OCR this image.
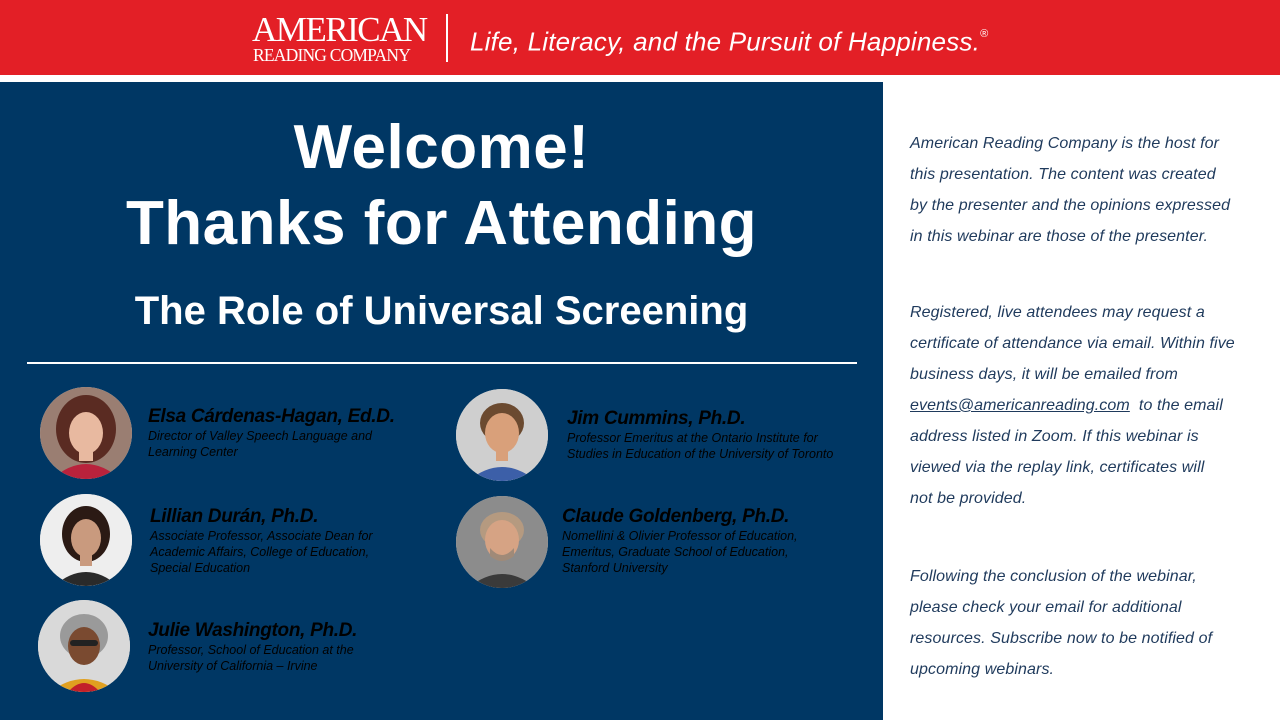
AMERICAN
READING COMPANY Life, Literacy, and the Pursuit of Happiness.®
Welcome!
Thanks for Attending
The Role of Universal Screening
Elsa Cárdenas-Hagan, Ed.D.
Director of Valley Speech Language and
Learning Center
Lillian Durán, Ph.D.
Associate Professor, Associate Dean for
Academic Affairs, College of Education,
Special Education
Julie Washington, Ph.D.
Professor, School of Education at the
University of California – Irvine
Jim Cummins, Ph.D.
Professor Emeritus at the Ontario Institute for
Studies in Education of the University of Toronto
Claude Goldenberg, Ph.D.
Nomellini & Olivier Professor of Education,
Emeritus, Graduate School of Education,
Stanford University
American Reading Company is the host for
this presentation. The content was created
by the presenter and the opinions expressed
in this webinar are those of the presenter.
Registered, live attendees may request a
certificate of attendance via email. Within five
business days, it will be emailed from
events@americanreading.com  to the email
address listed in Zoom. If this webinar is
viewed via the replay link, certificates will
not be provided.
Following the conclusion of the webinar,
please check your email for additional
resources. Subscribe now to be notified of
upcoming webinars.
